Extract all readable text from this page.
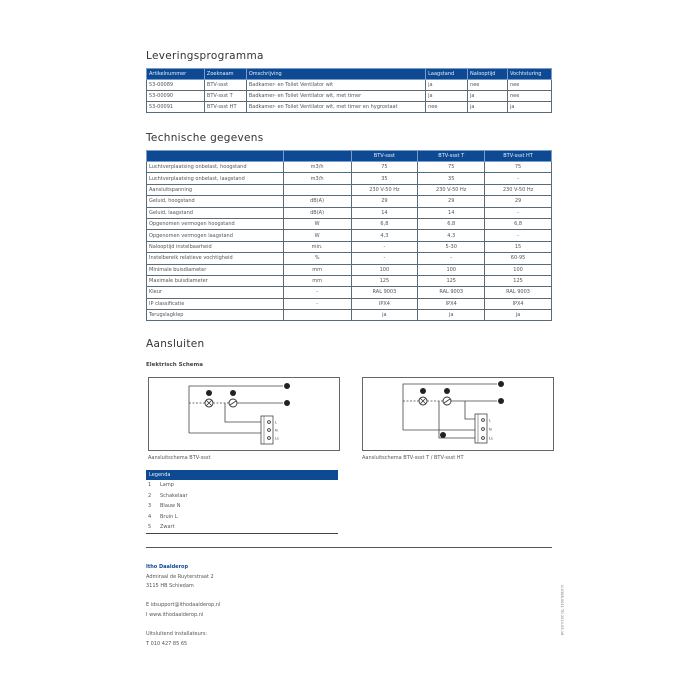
Leveringsprogramma
Artikelnummer	Zoeknaam	Omschrijving	Laagstand	Nalooptijd	Vochtsturing
53-00089	BTV-ssst	Badkamer- en Toilet Ventilator wit	ja	nee	nee
53-00090	BTV-ssst T	Badkamer- en Toilet Ventilator wit, met timer	ja	ja	nee
53-00091	BTV-ssst HT	Badkamer- en Toilet Ventilator wit, met timer en hygrostaat	nee	ja	ja
Technische gegevens
		BTV-ssst	BTV-ssst T	BTV-ssst HT
Luchtverplaatsing onbelast, hoogstand	m3/h	75	75	75
Luchtverplaatsing onbelast, laagstand	m3/h	35	35	-
Aansluitspanning		230 V-50 Hz	230 V-50 Hz	230 V-50 Hz
Geluid, hoogstand	dB(A)	29	29	29
Geluid, laagstand	dB(A)	14	14	-
Opgenomen vermogen hoogstand	W	6,8	6,8	6,8
Opgenomen vermogen laagstand	W	4,3	4,3	-
Nalooptijd instelbaarheid	min.	-	5-30	15
Instelbereik relatieve vochtigheid	%	-	-	60-95
Minimale buisdiameter	mm	100	100	100
Maximale buisdiameter	mm	125	125	125
Kleur	-	RAL 9003	RAL 9003	RAL 9003
IP classificatie	-	IPX4	IPX4	IPX4
Terugslagklep		ja	ja	ja
Aansluiten
Elektrisch Schema
L
N
Ls
Aansluitschema BTV-ssst
L
N
Ls
Aansluitschema BTV-ssst T / BTV-ssst HT
Legenda
1	Lamp
2	Schakelaar
3	Blauw N
4	Bruin L
5	Zwart
Itho Daalderop
Admiraal de Ruyterstraat 2
3115 HB Schiedam
E idsupport@ithodaalderop.nl
I www.ithodaalderop.nl
Uitsluitend installateurs:
T 010 427 85 65
U-0368-0611 TD 2014-05-18
